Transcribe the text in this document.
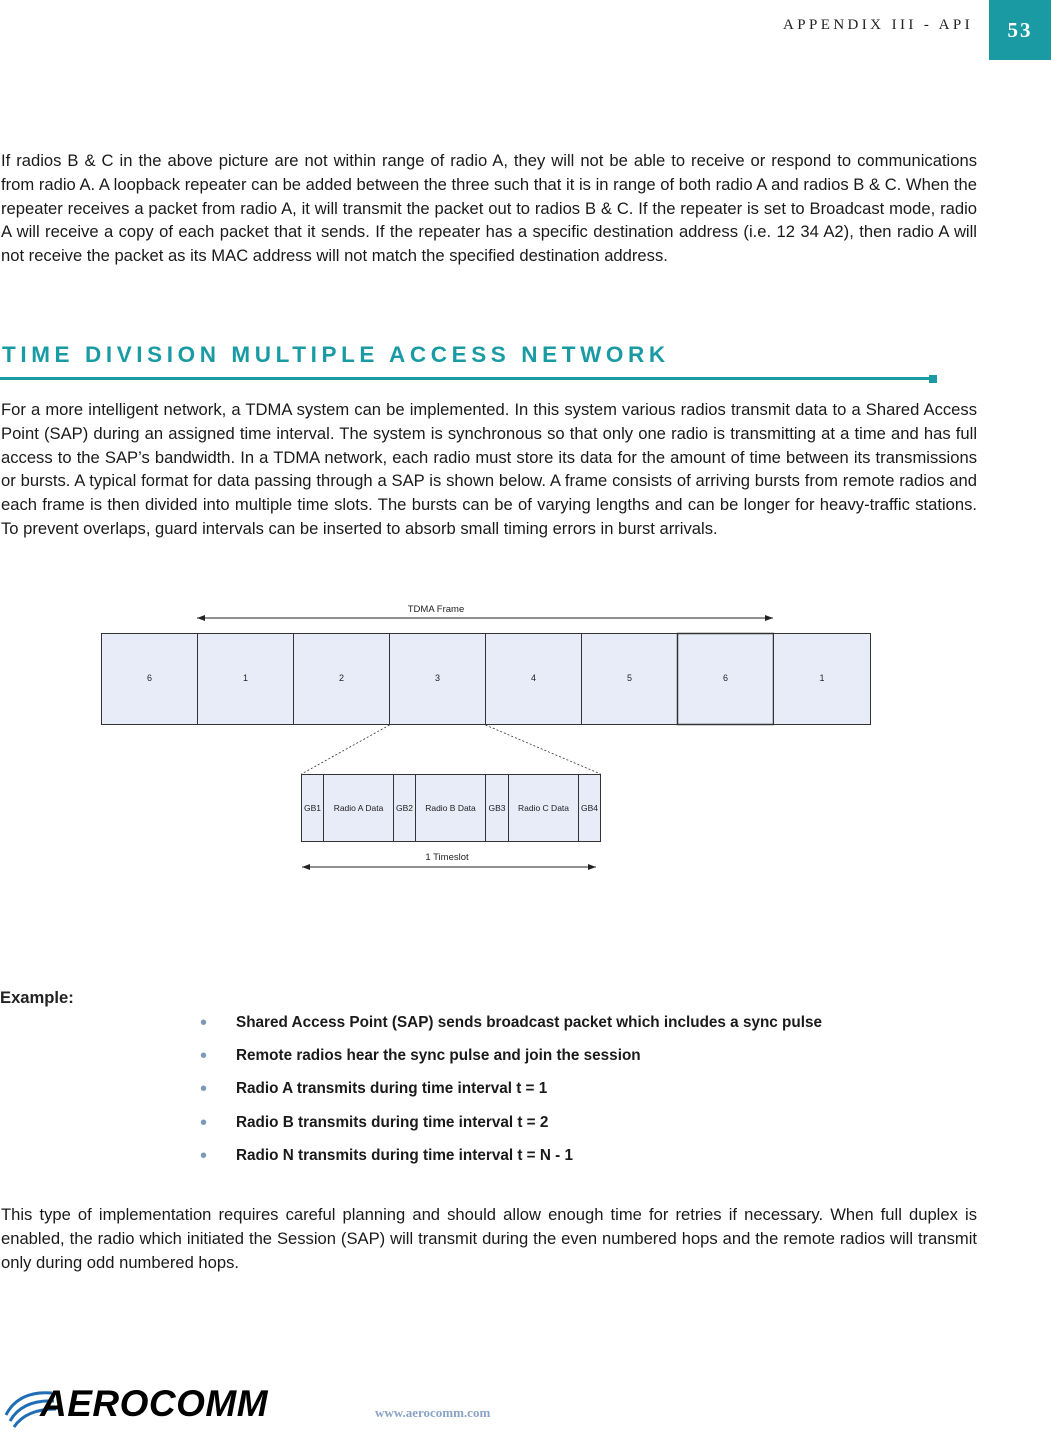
APPENDIX III - API 53

If radios B & C in the above picture are not within range of radio A, they will not be able to receive or respond to communications from radio A. A loopback repeater can be added between the three such that it is in range of both radio A and radios B & C. When the repeater receives a packet from radio A, it will transmit the packet out to radios B & C. If the repeater is set to Broadcast mode, radio A will receive a copy of each packet that it sends. If the repeater has a specific destination address (i.e. 12 34 A2), then radio A will not receive the packet as its MAC address will not match the specified destination address.

TIME DIVISION MULTIPLE ACCESS NETWORK

For a more intelligent network, a TDMA system can be implemented. In this system various radios transmit data to a Shared Access Point (SAP) during an assigned time interval. The system is synchronous so that only one radio is transmitting at a time and has full access to the SAP’s bandwidth. In a TDMA network, each radio must store its data for the amount of time between its transmissions or bursts. A typical format for data passing through a SAP is shown below. A frame consists of arriving bursts from remote radios and each frame is then divided into multiple time slots. The bursts can be of varying lengths and can be longer for heavy-traffic stations. To prevent overlaps, guard intervals can be inserted to absorb small timing errors in burst arrivals.

TDMA Frame
6	1	2	3	4	5	6	1
GB1 Radio A Data GB2 Radio B Data GB3 Radio C Data GB4
1 Timeslot

Example:

•	Shared Access Point (SAP) sends broadcast packet which includes a sync pulse
•	Remote radios hear the sync pulse and join the session
•	Radio A transmits during time interval t = 1
•	Radio B transmits during time interval t = 2
•	Radio N transmits during time interval t = N - 1

This type of implementation requires careful planning and should allow enough time for retries if necessary. When full duplex is enabled, the radio which initiated the Session (SAP) will transmit during the even numbered hops and the remote radios will transmit only during odd numbered hops.

AEROCOMM	www.aerocomm.com
